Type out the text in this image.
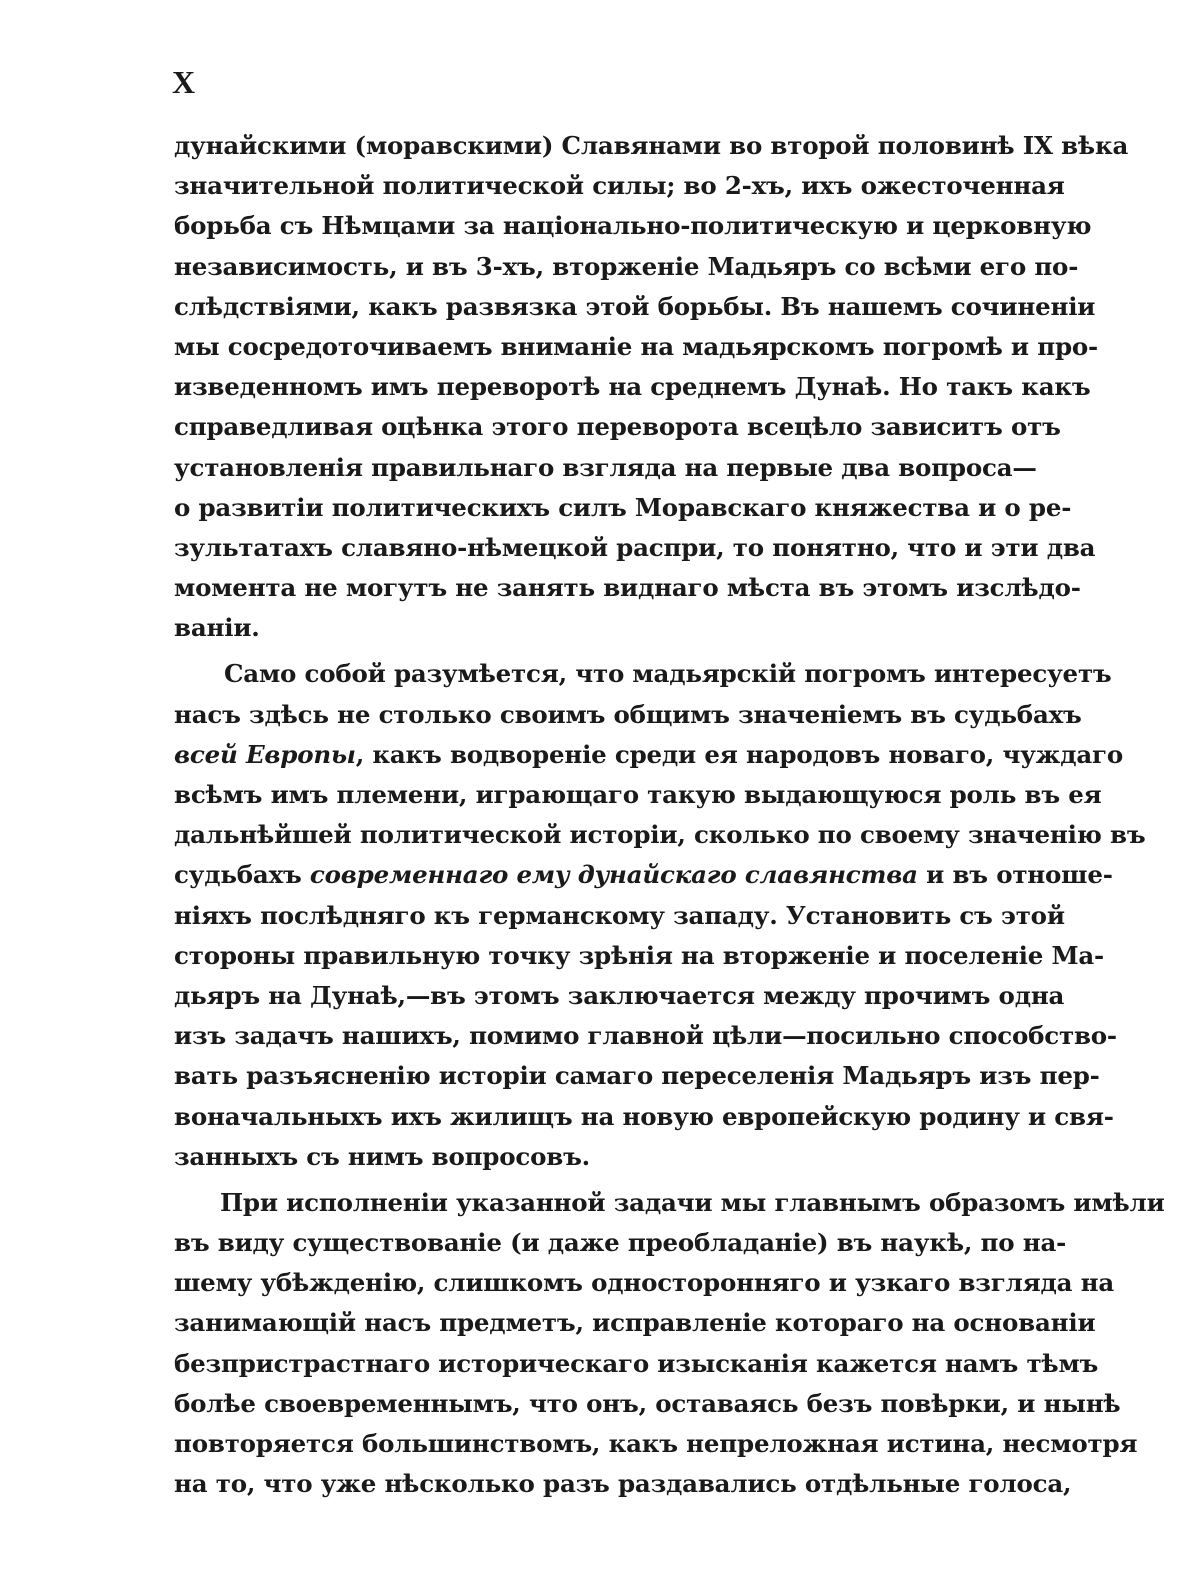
X
дунайскими (моравскими) Славянами во второй половинѣ IX вѣка
значительной политической силы; во 2-хъ, ихъ ожесточенная
борьба съ Нѣмцами за національно-политическую и церковную
независимость, и въ 3-хъ, вторженіе Мадьяръ со всѣми его по-
слѣдствіями, какъ развязка этой борьбы. Въ нашемъ сочиненіи
мы сосредоточиваемъ вниманіе на мадьярскомъ погромѣ и про-
изведенномъ имъ переворотѣ на среднемъ Дунаѣ. Но такъ какъ
справедливая оцѣнка этого переворота всецѣло зависитъ отъ
установленія правильнаго взгляда на первые два вопроса—
о развитіи политическихъ силъ Моравскаго княжества и о ре-
зультатахъ славяно-нѣмецкой распри, то понятно, что и эти два
момента не могутъ не занять виднаго мѣста въ этомъ изслѣдо-
ваніи.
Само собой разумѣется, что мадьярскій погромъ интересуетъ
насъ здѣсь не столько своимъ общимъ значеніемъ въ судьбахъ
всей Европы, какъ водвореніе среди ея народовъ новаго, чуждаго
всѣмъ имъ племени, играющаго такую выдающуюся роль въ ея
дальнѣйшей политической исторіи, сколько по своему значенію въ
судьбахъ современнаго ему дунайскаго славянства и въ отноше-
ніяхъ послѣдняго къ германскому западу. Установить съ этой
стороны правильную точку зрѣнія на вторженіе и поселеніе Ма-
дьяръ на Дунаѣ,—въ этомъ заключается между прочимъ одна
изъ задачъ нашихъ, помимо главной цѣли—посильно способство-
вать разъясненію исторіи самаго переселенія Мадьяръ изъ пер-
воначальныхъ ихъ жилищъ на новую европейскую родину и свя-
занныхъ съ нимъ вопросовъ.
При исполненіи указанной задачи мы главнымъ образомъ имѣли
въ виду существованіе (и даже преобладаніе) въ наукѣ, по на-
шему убѣжденію, слишкомъ односторонняго и узкаго взгляда на
занимающій насъ предметъ, исправленіе котораго на основаніи
безпристрастнаго историческаго изысканія кажется намъ тѣмъ
болѣе своевременнымъ, что онъ, оставаясь безъ повѣрки, и нынѣ
повторяется большинствомъ, какъ непреложная истина, несмотря
на то, что уже нѣсколько разъ раздавались отдѣльные голоса,
